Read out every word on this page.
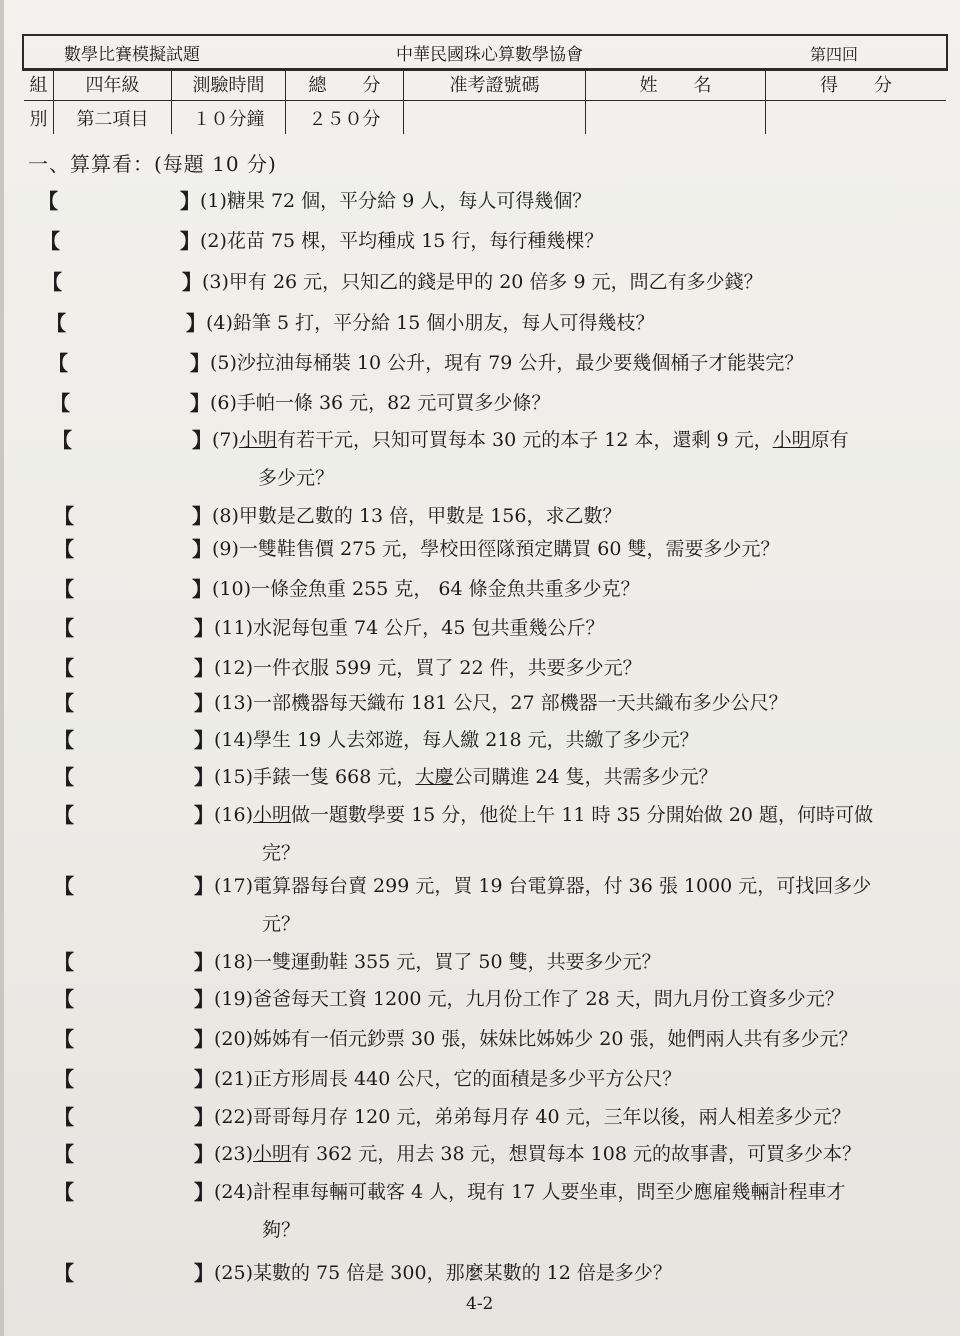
數學比賽模擬試題	中華民國珠心算數學協會	第四回
組	四年級	測驗時間	總　　分	准考證號碼	姓　　名	得　　分
別	第二項目	１０分鐘	２５０分
一、算算看：(每題 10 分)
【	】 (1)糖果 72 個，平分給 9 人，每人可得幾個？
【	】 (2)花苗 75 棵，平均種成 15 行，每行種幾棵？
【	】 (3)甲有 26 元，只知乙的錢是甲的 20 倍多 9 元，問乙有多少錢？
【	】 (4)鉛筆 5 打，平分給 15 個小朋友，每人可得幾枝？
【	】 (5)沙拉油每桶裝 10 公升，現有 79 公升，最少要幾個桶子才能裝完？
【	】 (6)手帕一條 36 元，82 元可買多少條？
【	】 (7)小明有若干元，只知可買每本 30 元的本子 12 本，還剩 9 元，小明原有
多少元？
【	】 (8)甲數是乙數的 13 倍，甲數是 156，求乙數？
【	】 (9)一雙鞋售價 275 元，學校田徑隊預定購買 60 雙，需要多少元？
【	】 (10)一條金魚重 255 克， 64 條金魚共重多少克？
【	】 (11)水泥每包重 74 公斤，45 包共重幾公斤？
【	】 (12)一件衣服 599 元，買了 22 件，共要多少元？
【	】 (13)一部機器每天織布 181 公尺，27 部機器一天共織布多少公尺？
【	】 (14)學生 19 人去郊遊，每人繳 218 元，共繳了多少元？
【	】 (15)手錶一隻 668 元，大慶公司購進 24 隻，共需多少元？
【	】 (16)小明做一題數學要 15 分，他從上午 11 時 35 分開始做 20 題，何時可做
完？
【	】 (17)電算器每台賣 299 元，買 19 台電算器，付 36 張 1000 元，可找回多少
元？
【	】 (18)一雙運動鞋 355 元，買了 50 雙，共要多少元？
【	】 (19)爸爸每天工資 1200 元，九月份工作了 28 天，問九月份工資多少元？
【	】 (20)姊姊有一佰元鈔票 30 張，妹妹比姊姊少 20 張，她們兩人共有多少元？
【	】 (21)正方形周長 440 公尺，它的面積是多少平方公尺？
【	】 (22)哥哥每月存 120 元，弟弟每月存 40 元，三年以後，兩人相差多少元？
【	】 (23)小明有 362 元，用去 38 元，想買每本 108 元的故事書，可買多少本？
【	】 (24)計程車每輛可載客 4 人，現有 17 人要坐車，問至少應雇幾輛計程車才
夠？
【	】 (25)某數的 75 倍是 300，那麼某數的 12 倍是多少？
4-2
